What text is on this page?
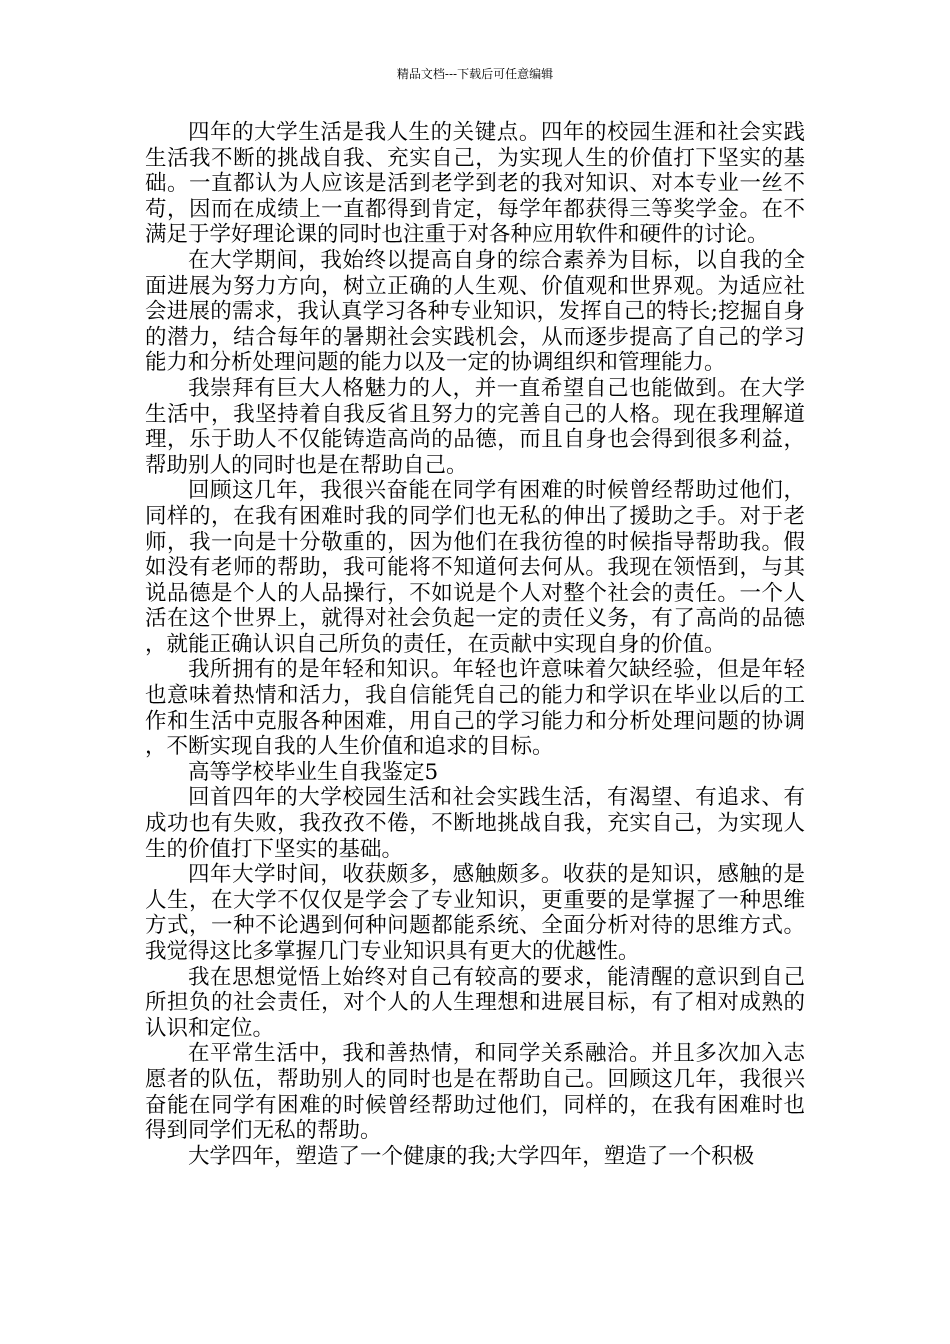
精品文档---下载后可任意编辑

四年的大学生活是我人生的关键点。四年的校园生涯和社会实践生活我不断的挑战自我、充实自己，为实现人生的价值打下坚实的基础。一直都认为人应该是活到老学到老的我对知识、对本专业一丝不苟，因而在成绩上一直都得到肯定，每学年都获得三等奖学金。在不满足于学好理论课的同时也注重于对各种应用软件和硬件的讨论。

在大学期间，我始终以提高自身的综合素养为目标，以自我的全面进展为努力方向，树立正确的人生观、价值观和世界观。为适应社会进展的需求，我认真学习各种专业知识，发挥自己的特长;挖掘自身的潜力，结合每年的暑期社会实践机会，从而逐步提高了自己的学习能力和分析处理问题的能力以及一定的协调组织和管理能力。

我崇拜有巨大人格魅力的人，并一直希望自己也能做到。在大学生活中，我坚持着自我反省且努力的完善自己的人格。现在我理解道理，乐于助人不仅能铸造高尚的品德，而且自身也会得到很多利益，帮助别人的同时也是在帮助自己。

回顾这几年，我很兴奋能在同学有困难的时候曾经帮助过他们，同样的，在我有困难时我的同学们也无私的伸出了援助之手。对于老师，我一向是十分敬重的，因为他们在我彷徨的时候指导帮助我。假如没有老师的帮助，我可能将不知道何去何从。我现在领悟到，与其说品德是个人的人品操行，不如说是个人对整个社会的责任。一个人活在这个世界上，就得对社会负起一定的责任义务，有了高尚的品德，就能正确认识自己所负的责任，在贡献中实现自身的价值。

我所拥有的是年轻和知识。年轻也许意味着欠缺经验，但是年轻也意味着热情和活力，我自信能凭自己的能力和学识在毕业以后的工作和生活中克服各种困难，用自己的学习能力和分析处理问题的协调，不断实现自我的人生价值和追求的目标。

高等学校毕业生自我鉴定5

回首四年的大学校园生活和社会实践生活，有渴望、有追求、有成功也有失败，我孜孜不倦，不断地挑战自我，充实自己，为实现人生的价值打下坚实的基础。

四年大学时间，收获颇多，感触颇多。收获的是知识，感触的是人生，在大学不仅仅是学会了专业知识，更重要的是掌握了一种思维方式，一种不论遇到何种问题都能系统、全面分析对待的思维方式。我觉得这比多掌握几门专业知识具有更大的优越性。

我在思想觉悟上始终对自己有较高的要求，能清醒的意识到自己所担负的社会责任，对个人的人生理想和进展目标，有了相对成熟的认识和定位。

在平常生活中，我和善热情，和同学关系融洽。并且多次加入志愿者的队伍，帮助别人的同时也是在帮助自己。回顾这几年，我很兴奋能在同学有困难的时候曾经帮助过他们，同样的，在我有困难时也得到同学们无私的帮助。

大学四年，塑造了一个健康的我;大学四年，塑造了一个积极
